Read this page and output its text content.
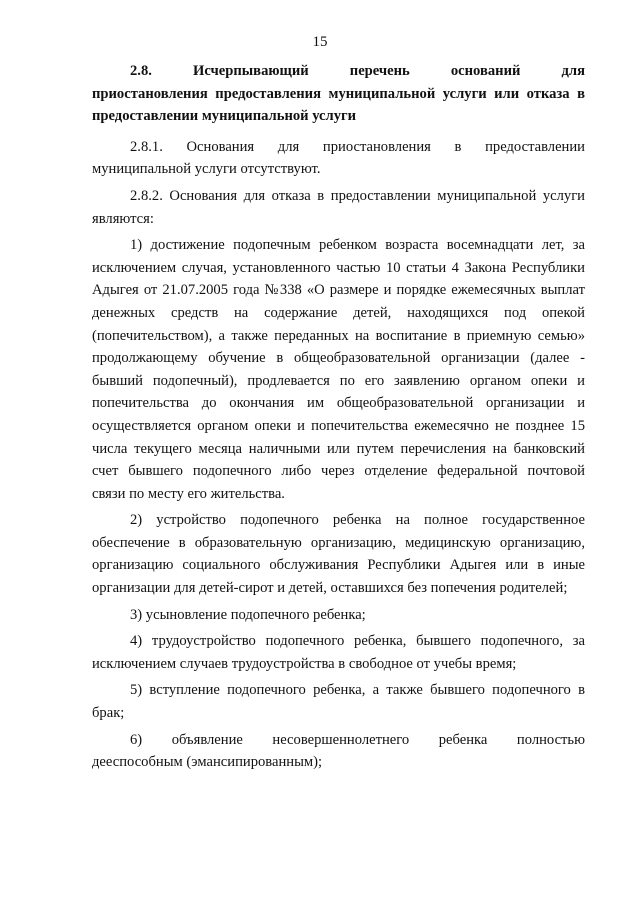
15
2.8. Исчерпывающий перечень оснований для
приостановления предоставления муниципальной услуги или отказа в
предоставлении муниципальной услуги
2.8.1. Основания для приостановления в предоставлении
муниципальной услуги отсутствуют.
2.8.2. Основания для отказа в предоставлении муниципальной услуги
являются:
1) достижение подопечным ребенком возраста восемнадцати лет, за
исключением случая, установленного частью 10 статьи 4 Закона Республики
Адыгея от 21.07.2005 года №338 «О размере и порядке ежемесячных выплат
денежных средств на содержание детей, находящихся под опекой
(попечительством), а также переданных на воспитание в приемную семью»
продолжающему обучение в общеобразовательной организации (далее -
бывший подопечный), продлевается по его заявлению органом опеки и
попечительства до окончания им общеобразовательной организации и
осуществляется органом опеки и попечительства ежемесячно не позднее 15
числа текущего месяца наличными или путем перечисления на банковский
счет бывшего подопечного либо через отделение федеральной почтовой
связи по месту его жительства.
2) устройство подопечного ребенка на полное государственное
обеспечение в образовательную организацию, медицинскую организацию,
организацию социального обслуживания Республики Адыгея или в иные
организации для детей-сирот и детей, оставшихся без попечения родителей;
3) усыновление подопечного ребенка;
4) трудоустройство подопечного ребенка, бывшего подопечного, за
исключением случаев трудоустройства в свободное от учебы время;
5) вступление подопечного ребенка, а также бывшего подопечного в
брак;
6) объявление несовершеннолетнего ребенка полностью
дееспособным (эмансипированным);
